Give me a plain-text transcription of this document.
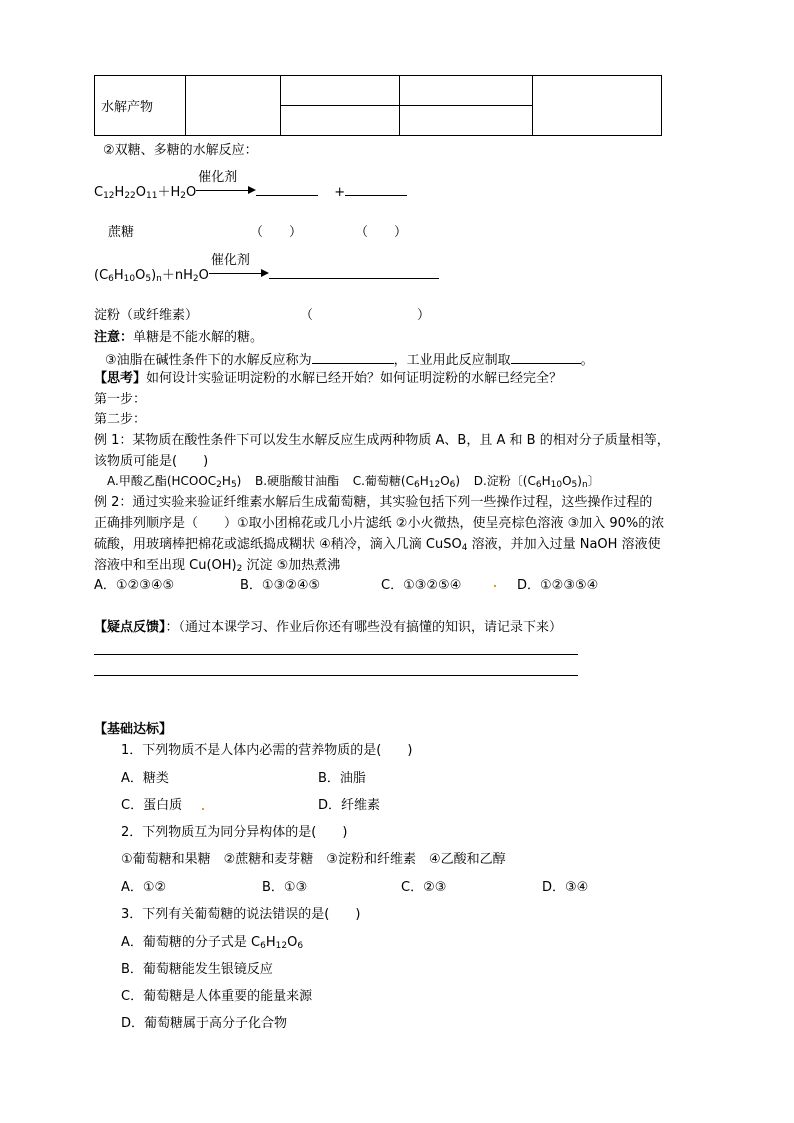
水解产物				

②双糖、多糖的水解反应：
$C_{12}H_{22}O_{11}+H_2O$
催化剂
+
蔗糖	（　　）	（　　）
$(C_6H_{10}O_5)_n+nH_2O$
催化剂
淀粉（或纤维素）	（　　　　　　　　）
注意：单糖是不能水解的糖。
③油脂在碱性条件下的水解反应称为	，工业用此反应制取	。
【思考】如何设计实验证明淀粉的水解已经开始？如何证明淀粉的水解已经完全？
第一步：
第二步：
例 1：某物质在酸性条件下可以发生水解反应生成两种物质 A、B，且 A 和 B 的相对分子质量相等，
该物质可能是(　　)
A.甲酸乙酯$(HCOOC_2H_5)$ B.硬脂酸甘油酯 C.葡萄糖$(C_6H_{12}O_6)$ D.淀粉〔$(C_6H_{10}O_5)_n$〕
例 2：通过实验来验证纤维素水解后生成葡萄糖，其实验包括下列一些操作过程，这些操作过程的
正确排列顺序是（　　）①取小团棉花或几小片滤纸 ②小火微热，使呈亮棕色溶液 ③加入 90%的浓
硫酸，用玻璃棒把棉花或滤纸捣成糊状 ④稍冷，滴入几滴 CuSO$_4$ 溶液，并加入过量 NaOH 溶液使
溶液中和至出现 $Cu(OH)_2$ 沉淀 ⑤加热煮沸
A．①②③④⑤	B．①③②④⑤	C．①③②⑤④	D．①②③⑤④
【疑点反馈】：（通过本课学习、作业后你还有哪些没有搞懂的知识，请记录下来）
【基础达标】
1．下列物质不是人体内必需的营养物质的是(　　)
A．糖类	B．油脂
C．蛋白质	D．纤维素
2．下列物质互为同分异构体的是(　　)
①葡萄糖和果糖　②蔗糖和麦芽糖　③淀粉和纤维素　④乙酸和乙醇
A．①②	B．①③	C．②③	D．③④
3．下列有关葡萄糖的说法错误的是(　　)
A．葡萄糖的分子式是 $C_6H_{12}O_6$
B．葡萄糖能发生银镜反应
C．葡萄糖是人体重要的能量来源
D．葡萄糖属于高分子化合物
